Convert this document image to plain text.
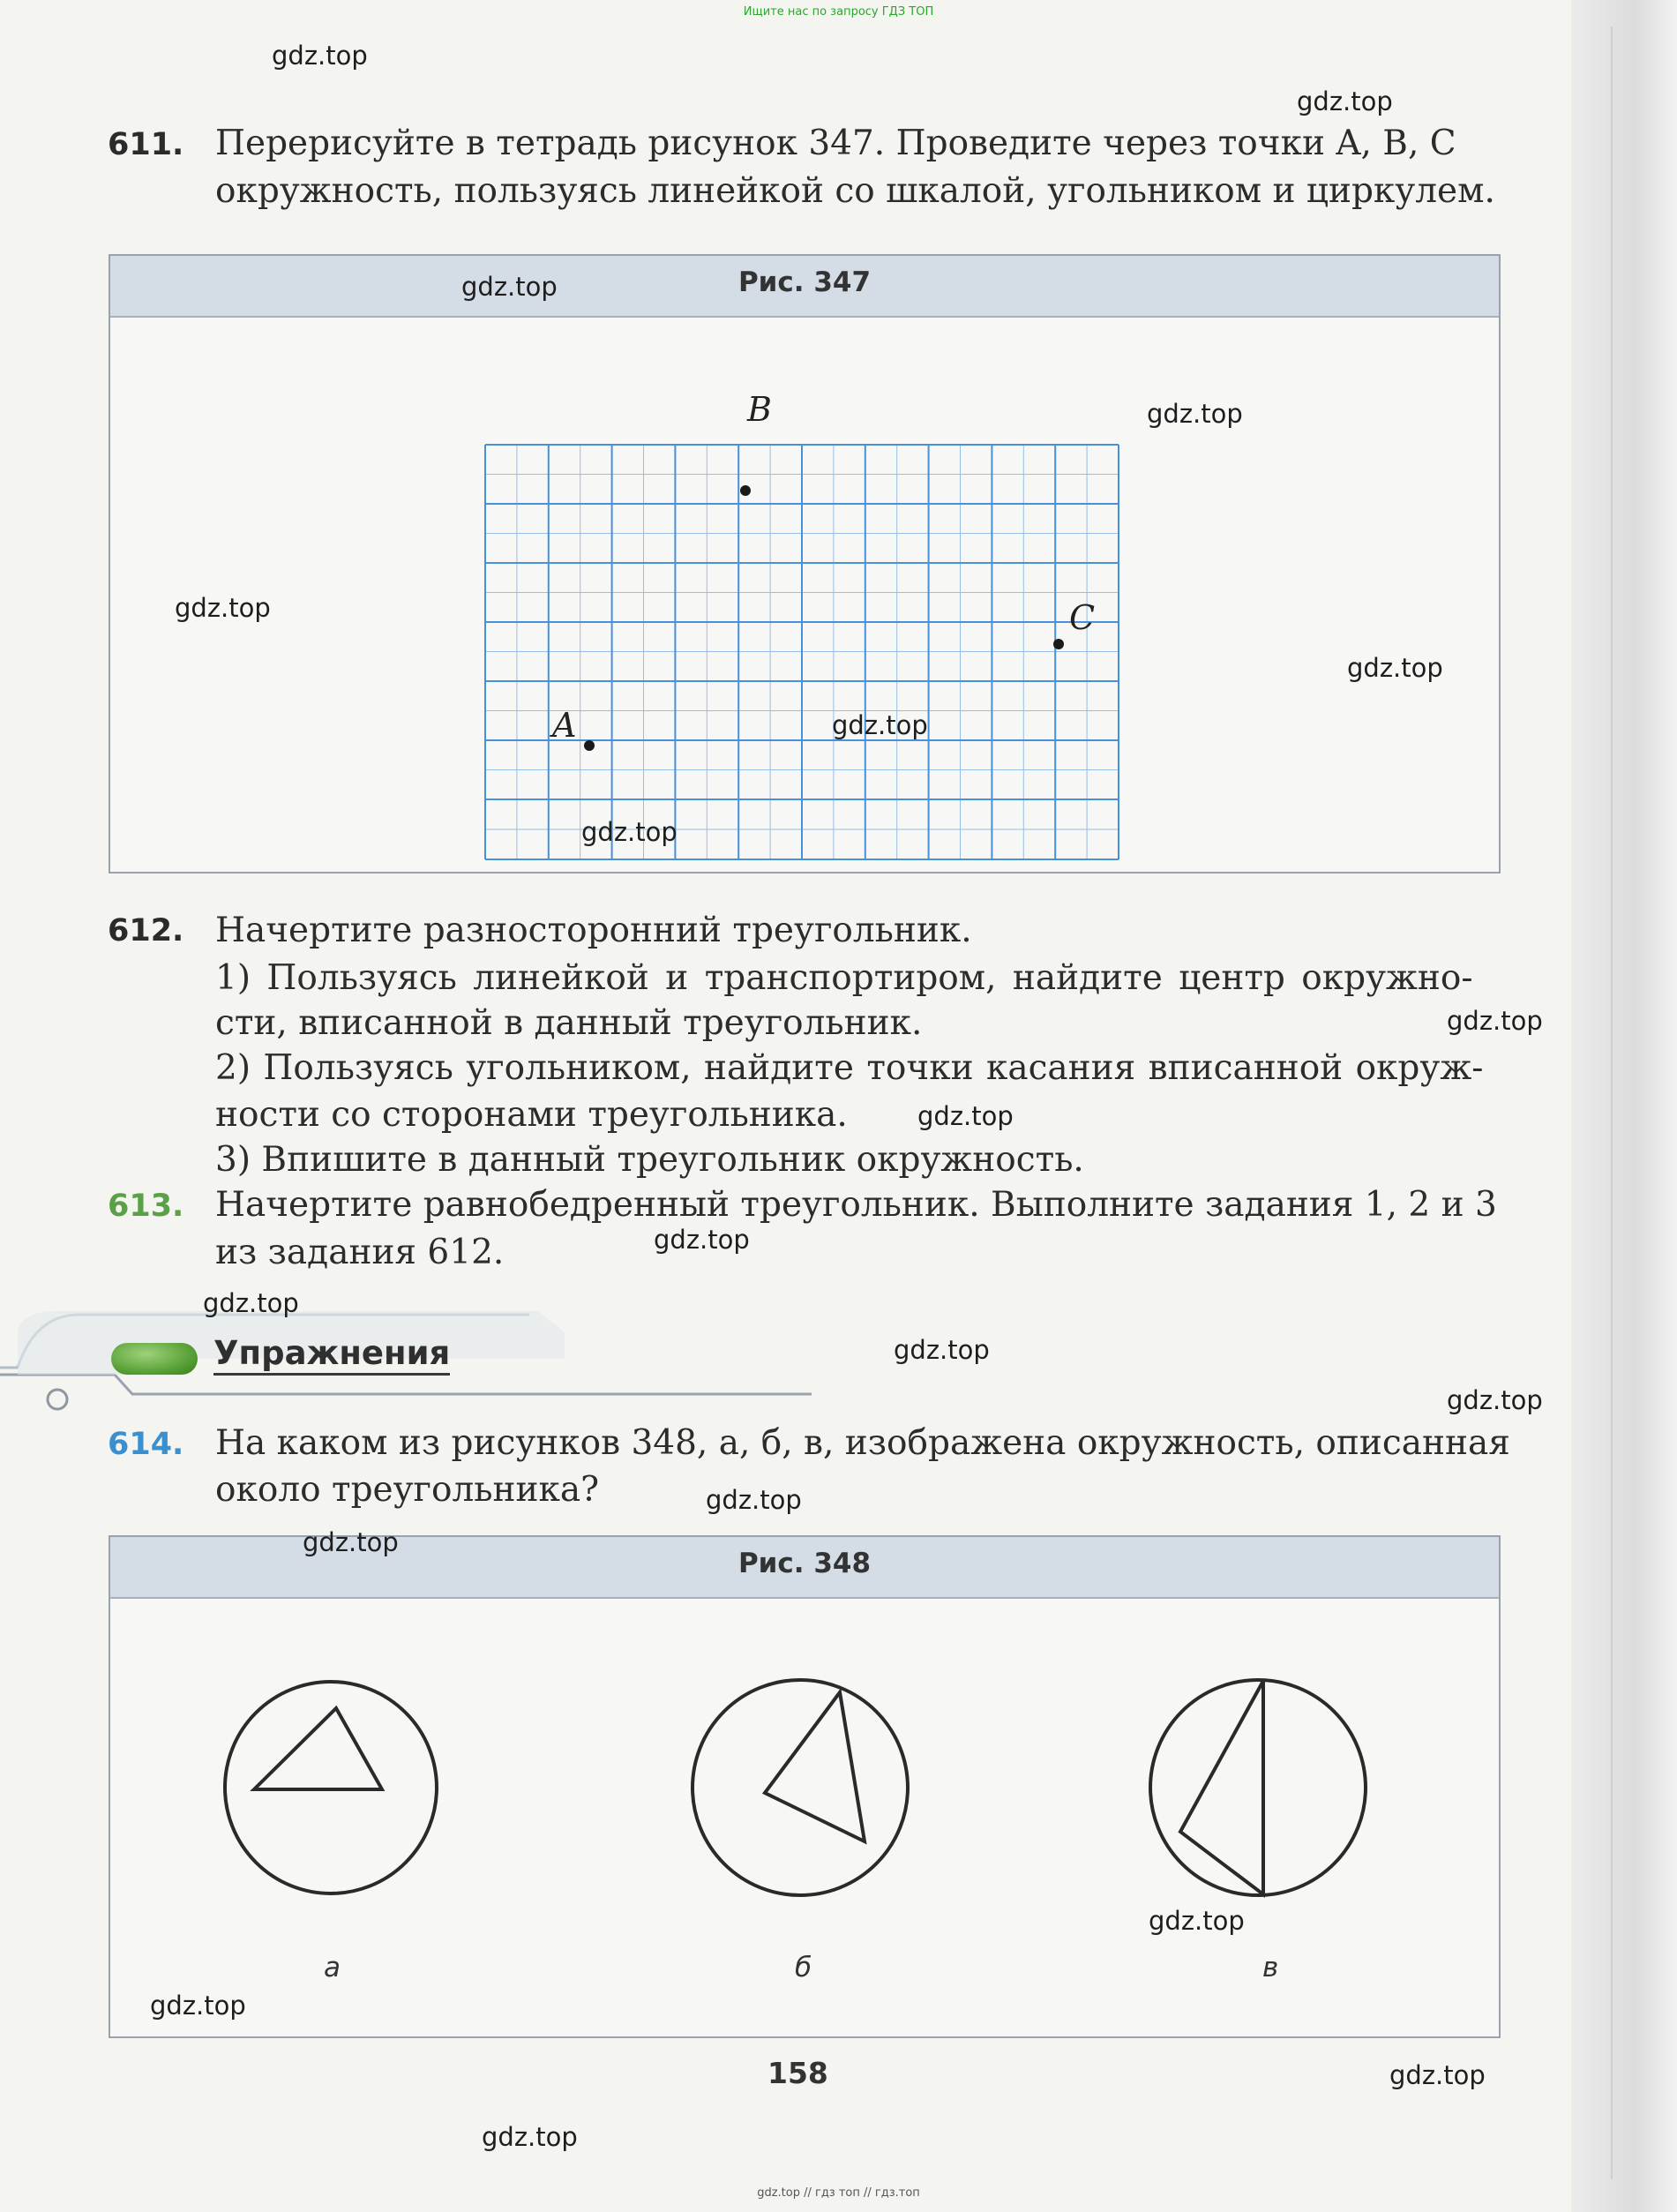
Ищите нас по запросу ГДЗ ТОП
611. Перерисуйте в тетрадь рисунок 347. Проведите через точки A, B, C
окружность, пользуясь линейкой со шкалой, угольником и циркулем.
Рис. 347
B
C
A
612. Начертите разносторонний треугольник.
1) Пользуясь линейкой и транспортиром, найдите центр окружно-
сти, вписанной в данный треугольник.
2) Пользуясь угольником, найдите точки касания вписанной окруж-
ности со сторонами треугольника.
3) Впишите в данный треугольник окружность.
613. Начертите равнобедренный треугольник. Выполните задания 1, 2 и 3
из задания 612.
Упражнения
614. На каком из рисунков 348, а, б, в, изображена окружность, описанная
около треугольника?
Рис. 348
а	б	в
158
gdz.top
gdz.top
gdz.top
gdz.top
gdz.top
gdz.top
gdz.top
gdz.top
gdz.top
gdz.top
gdz.top
gdz.top
gdz.top
gdz.top
gdz.top
gdz.top
gdz.top
gdz.top
gdz.top
gdz.top
gdz.top // гдз топ // гдз.топ
